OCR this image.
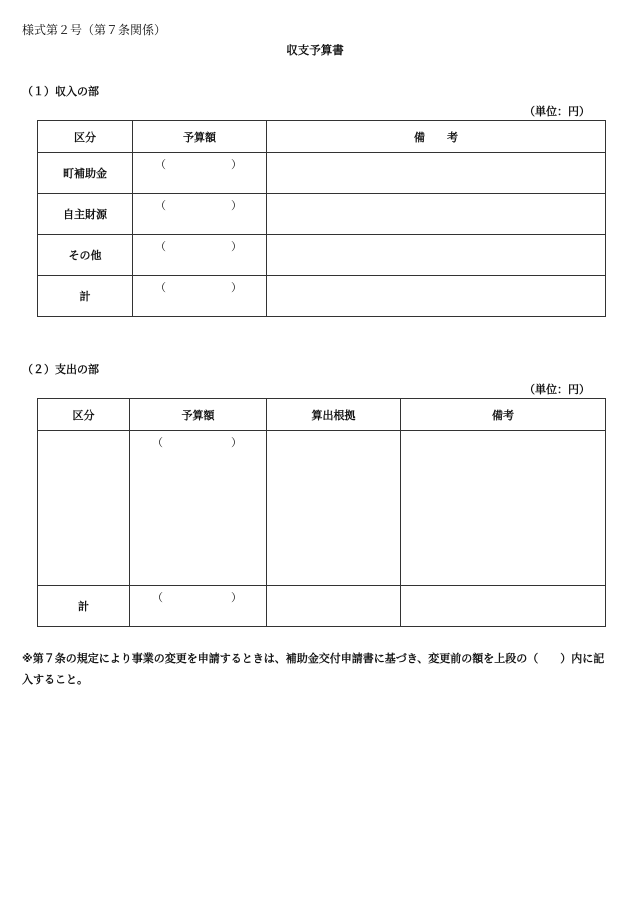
様式第２号（第７条関係）
収支予算書
（１）収入の部
（単位：円）
区分	予算額	備　　考
町補助金	（ ）	

自主財源	（ ）	

その他	（ ）	

計	（ ）	

（２）支出の部
（単位：円）
区分	予算額	算出根拠	備考

	（ ）		

計	（ ）		

※第７条の規定により事業の変更を申請するときは、補助金交付申請書に基づき、変更前の額を上段の（　　）内に記入すること。
